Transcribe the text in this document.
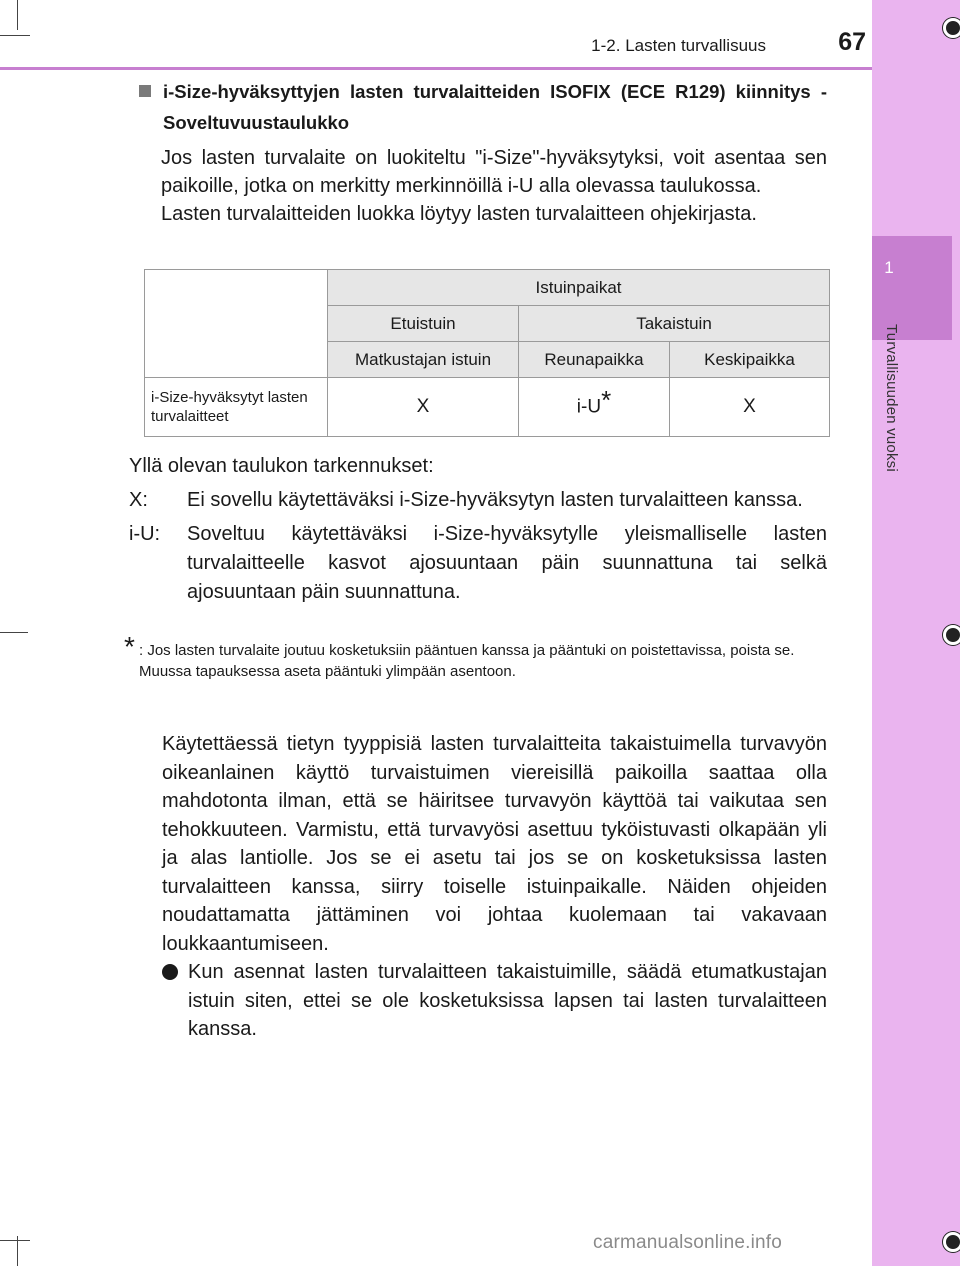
1
Turvallisuuden vuoksi
1-2. Lasten turvallisuus	67
i-Size-hyväksyttyjen lasten turvalaitteiden ISOFIX (ECE R129) kiinnitys - Soveltuvuustaulukko

Jos lasten turvalaite on luokiteltu "i-Size"-hyväksytyksi, voit asentaa sen paikoille, jotka on merkitty merkinnöillä i-U alla olevassa taulukossa.

Lasten turvalaitteiden luokka löytyy lasten turvalaitteen ohjekirjasta.

	Istuinpaikat		
	Etuistuin	Takaistuin	
	Matkustajan istuin	Reunapaikka	Keskipaikka
i-Size-hyväksytyt lasten turvalaitteet	X	i-U*	X
Yllä olevan taulukon tarkennukset:
X:	Ei sovellu käytettäväksi i-Size-hyväksytyn lasten turvalaitteen kanssa.
i-U:	Soveltuu käytettäväksi i-Size-hyväksytylle yleismalliselle lasten turvalaitteelle kasvot ajosuuntaan päin suunnattuna tai selkä ajosuuntaan päin suunnattuna.
* : Jos lasten turvalaite joutuu kosketuksiin pääntuen kanssa ja pääntuki on poistettavissa, poista se.
Muussa tapauksessa aseta pääntuki ylimpään asentoon.
Käytettäessä tietyn tyyppisiä lasten turvalaitteita takaistuimella turvavyön oikeanlainen käyttö turvaistuimen viereisillä paikoilla saattaa olla mahdotonta ilman, että se häiritsee turvavyön käyttöä tai vaikutaa sen tehokkuuteen. Varmistu, että turvavyösi asettuu tyköistuvasti olkapään yli ja alas lantiolle. Jos se ei asetu tai jos se on kosketuksissa lasten turvalaitteen kanssa, siirry toiselle istuinpaikalle. Näiden ohjeiden noudattamatta jättäminen voi johtaa kuolemaan tai vakavaan loukkaantumiseen.
Kun asennat lasten turvalaitteen takaistuimille, säädä etumatkustajan istuin siten, ettei se ole kosketuksissa lapsen tai lasten turvalaitteen kanssa.
carmanualsonline.info
